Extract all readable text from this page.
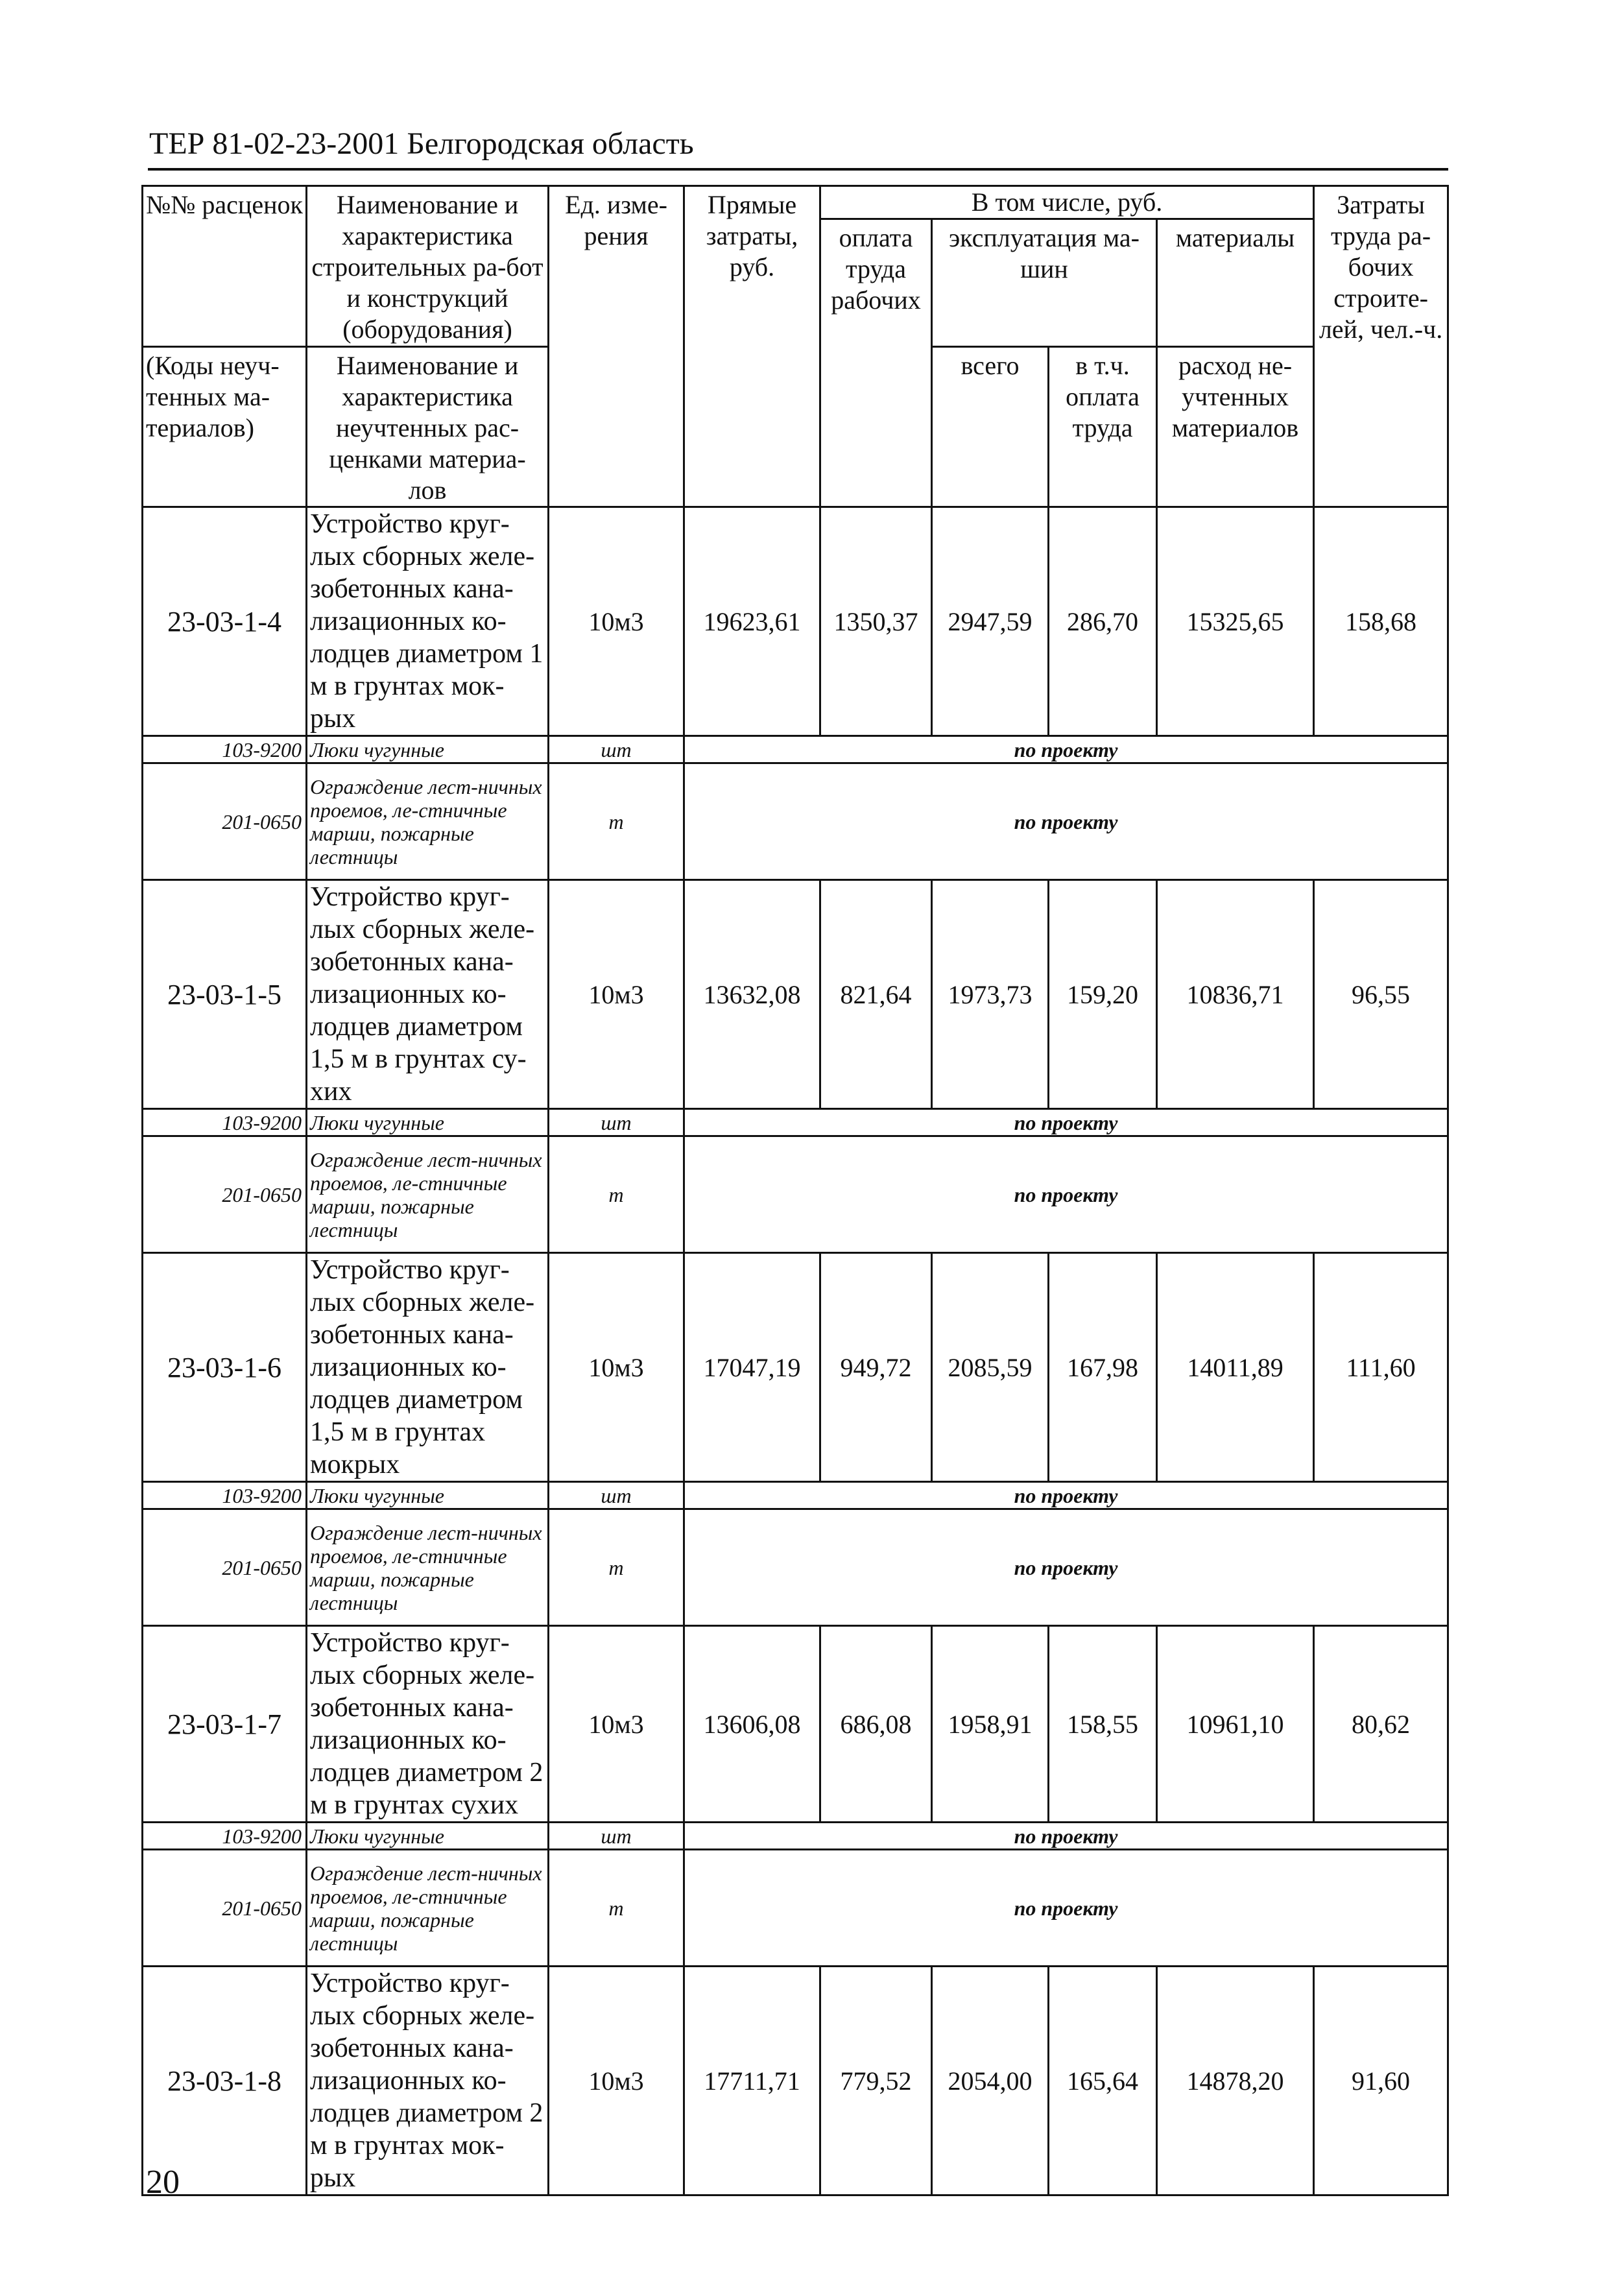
ТЕР 81-02-23-2001 Белгородская область
№№ расценок	Наименование и характеристика строительных ра-бот и конструкций (оборудования)	Ед. изме-рения	Прямые затраты, руб.	В том числе, руб.				Затраты труда ра-бочих строите-лей, чел.-ч.
				оплата труда рабочих	эксплуатация ма-шин		материалы	
(Коды неуч-тенных ма-териалов)	Наименование и характеристика неучтенных рас-ценками материа-лов				всего	в т.ч. оплата труда	расход не-учтенных материалов	

23-03-1-4	Устройство круг-лых сборных желе-зобетонных кана-лизационных ко-лодцев диаметром 1 м в грунтах мок-рых	10м3	19623,61	1350,37	2947,59	286,70	15325,65	158,68
103-9200	Люки чугунные	шт	по проекту					
201-0650	Ограждение лест-ничных проемов, ле-стничные марши, пожарные лестницы	т	по проекту					
23-03-1-5	Устройство круг-лых сборных желе-зобетонных кана-лизационных ко-лодцев диаметром 1,5 м в грунтах су-хих	10м3	13632,08	821,64	1973,73	159,20	10836,71	96,55
103-9200	Люки чугунные	шт	по проекту					
201-0650	Ограждение лест-ничных проемов, ле-стничные марши, пожарные лестницы	т	по проекту					
23-03-1-6	Устройство круг-лых сборных желе-зобетонных кана-лизационных ко-лодцев диаметром 1,5 м в грунтах мокрых	10м3	17047,19	949,72	2085,59	167,98	14011,89	111,60
103-9200	Люки чугунные	шт	по проекту					
201-0650	Ограждение лест-ничных проемов, ле-стничные марши, пожарные лестницы	т	по проекту					
23-03-1-7	Устройство круг-лых сборных желе-зобетонных кана-лизационных ко-лодцев диаметром 2 м в грунтах сухих	10м3	13606,08	686,08	1958,91	158,55	10961,10	80,62
103-9200	Люки чугунные	шт	по проекту					
201-0650	Ограждение лест-ничных проемов, ле-стничные марши, пожарные лестницы	т	по проекту					
23-03-1-8	Устройство круг-лых сборных желе-зобетонных кана-лизационных ко-лодцев диаметром 2 м в грунтах мок-рых	10м3	17711,71	779,52	2054,00	165,64	14878,20	91,60
20
